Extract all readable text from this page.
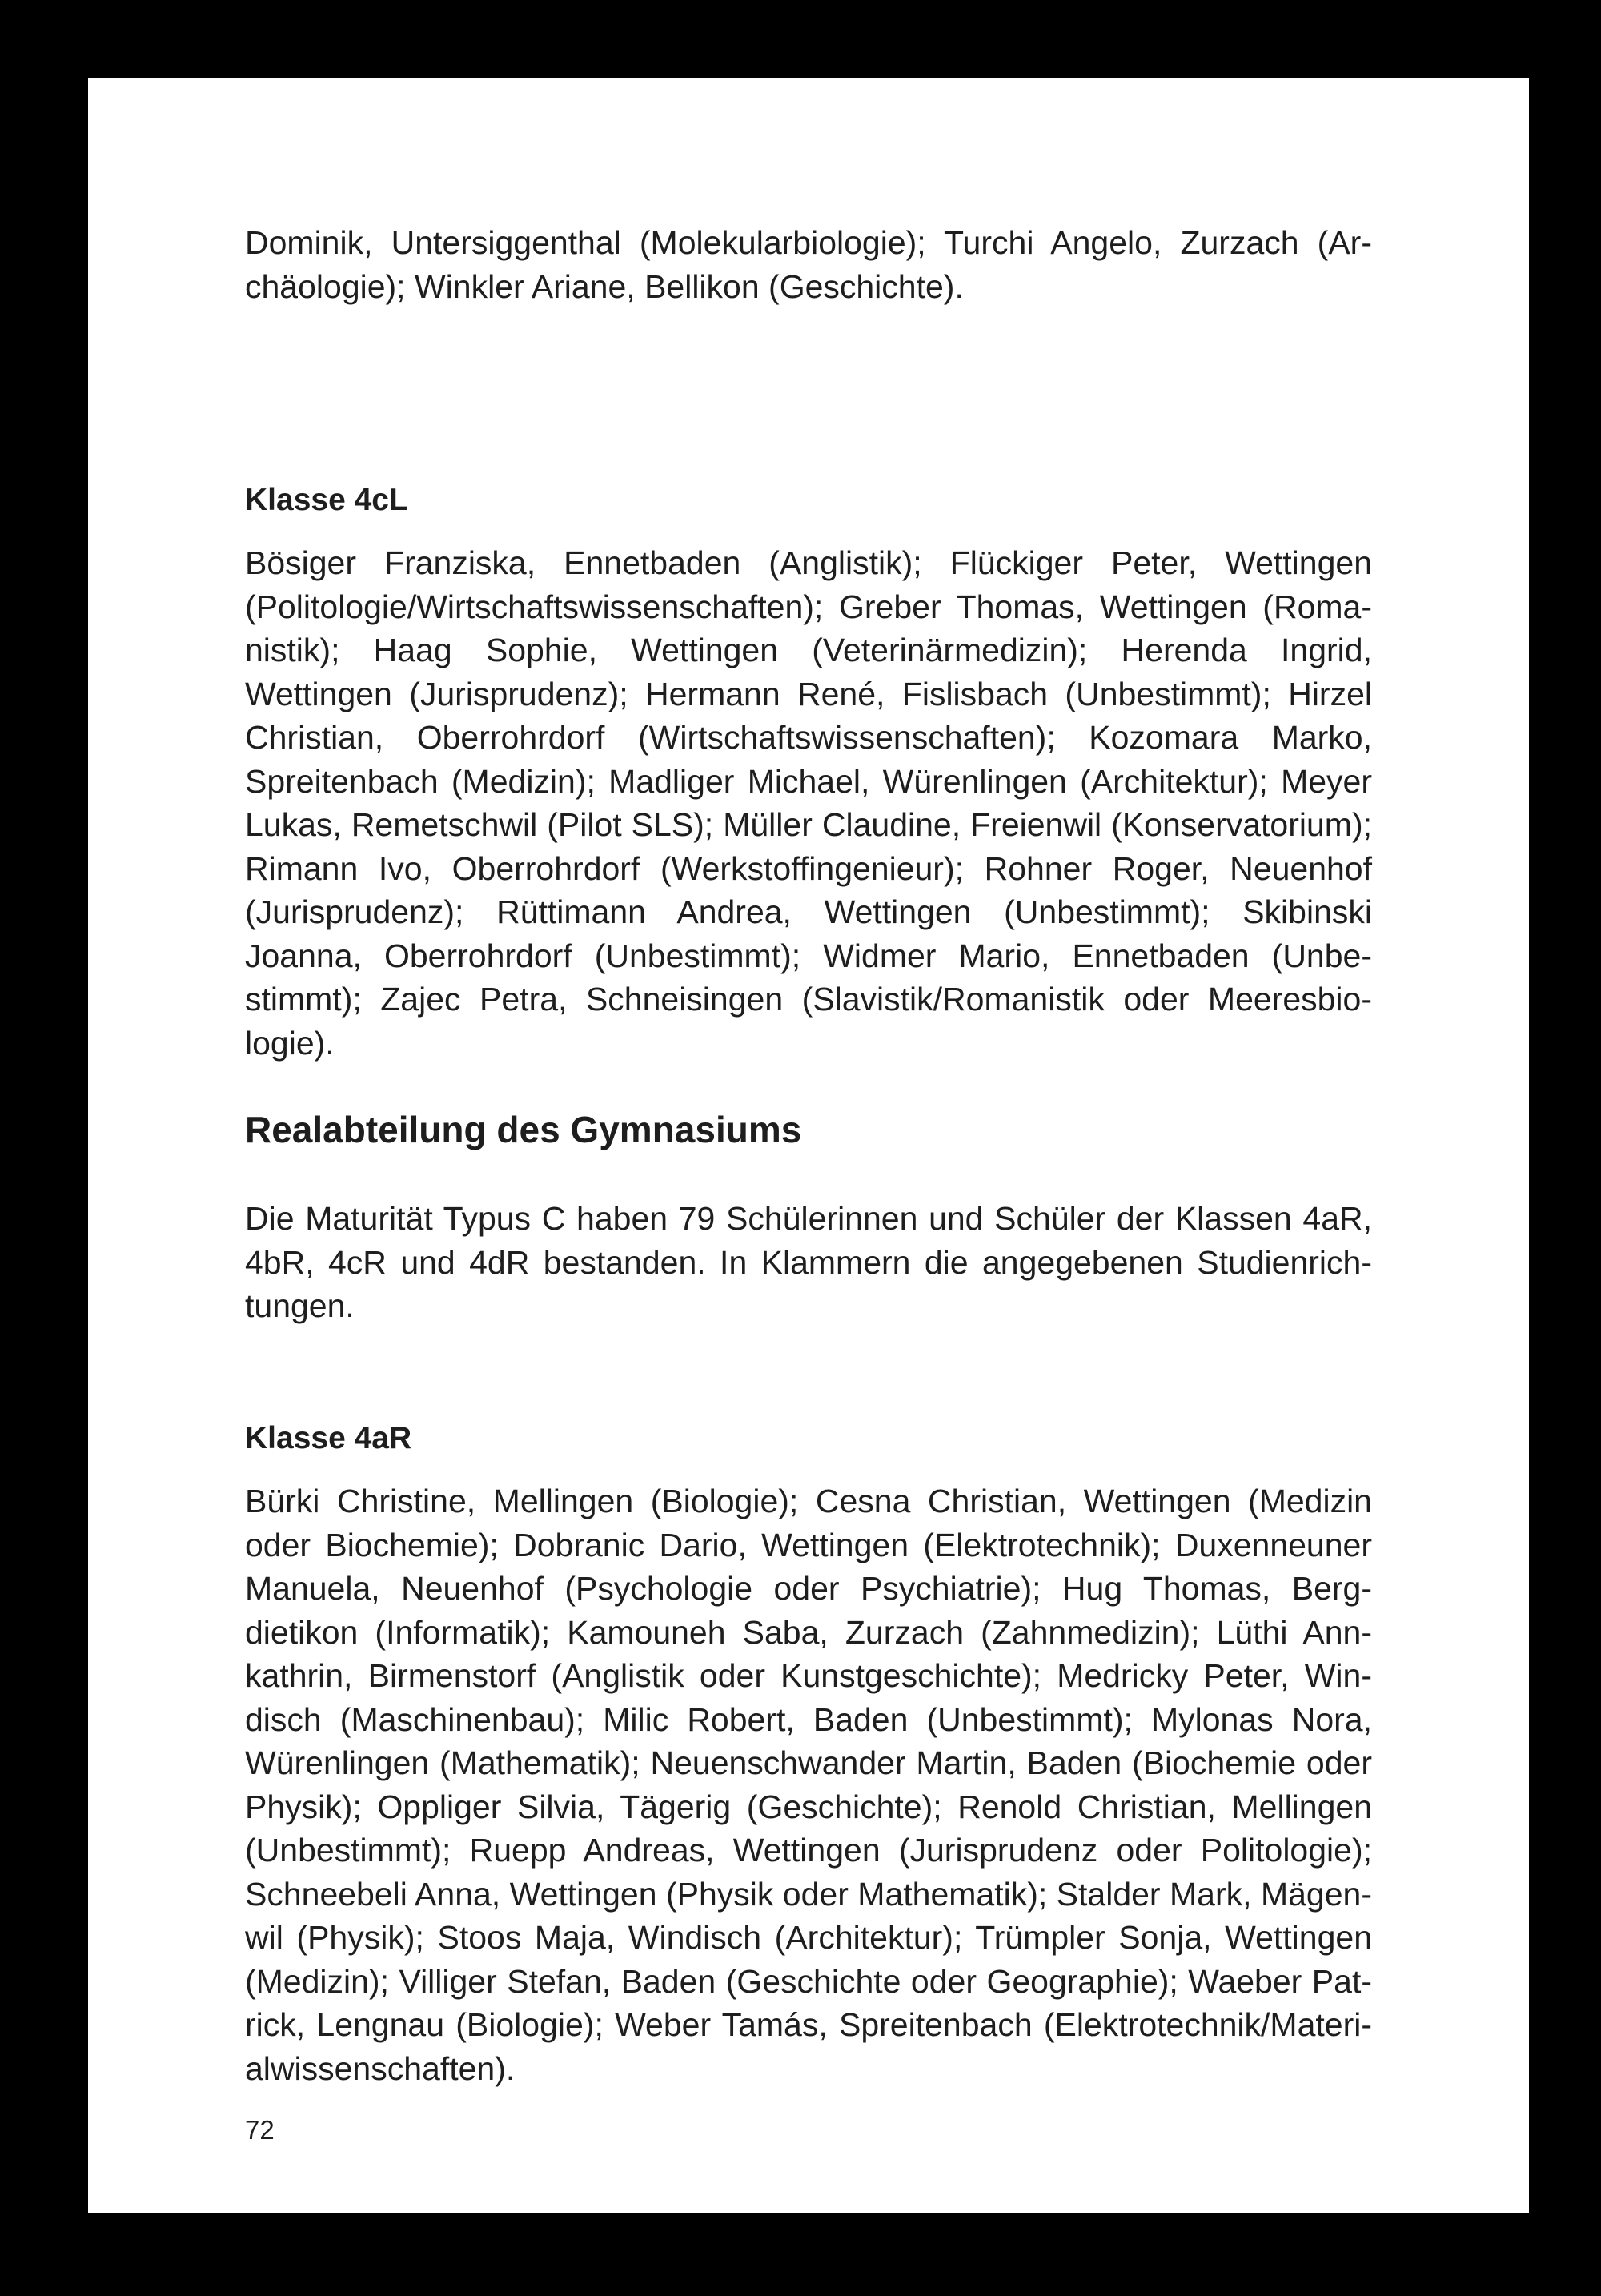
Dominik, Untersiggenthal (Molekularbiologie); Turchi Angelo, Zurzach (Archäologie); Winkler Ariane, Bellikon (Geschichte).

Klasse 4cL

Bösiger Franziska, Ennetbaden (Anglistik); Flückiger Peter, Wettingen (Politologie/Wirtschaftswissenschaften); Greber Thomas, Wettingen (Romanistik); Haag Sophie, Wettingen (Veterinärmedizin); Herenda Ingrid, Wettingen (Jurisprudenz); Hermann René, Fislisbach (Unbestimmt); Hirzel Christian, Oberrohrdorf (Wirtschaftswissenschaften); Kozomara Marko, Spreitenbach (Medizin); Madliger Michael, Würenlingen (Architektur); Meyer Lukas, Remetschwil (Pilot SLS); Müller Claudine, Freienwil (Konservatorium); Rimann Ivo, Oberrohrdorf (Werkstoffingenieur); Rohner Roger, Neuenhof (Jurisprudenz); Rüttimann Andrea, Wettingen (Unbestimmt); Skibinski Joanna, Oberrohrdorf (Unbestimmt); Widmer Mario, Ennetbaden (Unbestimmt); Zajec Petra, Schneisingen (Slavistik/Romanistik oder Meeresbiologie).

Realabteilung des Gymnasiums

Die Maturität Typus C haben 79 Schülerinnen und Schüler der Klassen 4aR, 4bR, 4cR und 4dR bestanden. In Klammern die angegebenen Studienrichtungen.

Klasse 4aR

Bürki Christine, Mellingen (Biologie); Cesna Christian, Wettingen (Medizin oder Biochemie); Dobranic Dario, Wettingen (Elektrotechnik); Duxenneuner Manuela, Neuenhof (Psychologie oder Psychiatrie); Hug Thomas, Bergdietikon (Informatik); Kamouneh Saba, Zurzach (Zahnmedizin); Lüthi Annkathrin, Birmenstorf (Anglistik oder Kunstgeschichte); Medricky Peter, Windisch (Maschinenbau); Milic Robert, Baden (Unbestimmt); Mylonas Nora, Würenlingen (Mathematik); Neuenschwander Martin, Baden (Biochemie oder Physik); Oppliger Silvia, Tägerig (Geschichte); Renold Christian, Mellingen (Unbestimmt); Ruepp Andreas, Wettingen (Jurisprudenz oder Politologie); Schneebeli Anna, Wettingen (Physik oder Mathematik); Stalder Mark, Mägenwil (Physik); Stoos Maja, Windisch (Architektur); Trümpler Sonja, Wettingen (Medizin); Villiger Stefan, Baden (Geschichte oder Geographie); Waeber Patrick, Lengnau (Biologie); Weber Tamás, Spreitenbach (Elektrotechnik/Materialwissenschaften).

72
